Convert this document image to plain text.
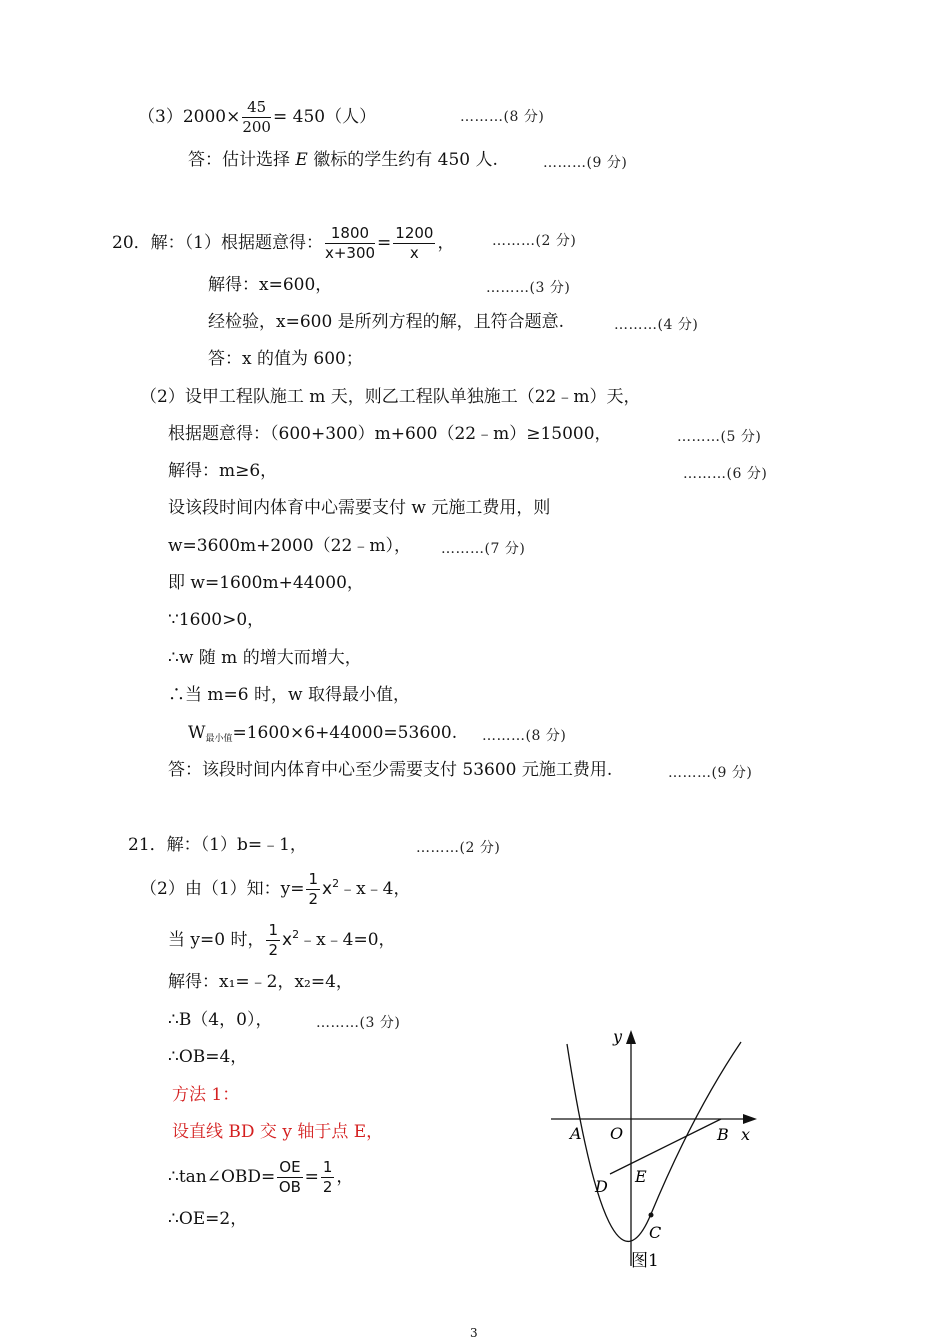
$(3)2000\times \frac{45}{200} = 450$（人）	………(8 分)
答：估计选择 E 徽标的学生约有 450 人.	………(9 分)
20．解：（1）根据题意得： $\frac{1800}{x+300} = \frac{1200}{x}$ ，	………(2 分)
解得：x=600，	………(3 分)
经检验，x=600 是所列方程的解，且符合题意.	………(4 分)
答：x 的值为 600；
（2）设甲工程队施工 m 天，则乙工程队单独施工（22﹣m）天，
根据题意得：（600+300）m+600（22﹣m）≥15000，	………(5 分)
解得：m≥6，	………(6 分)
设该段时间内体育中心需要支付 w 元施工费用，则
w=3600m+2000（22﹣m）， ………(7 分)
即 w=1600m+44000，
∵1600>0，
∴w 随 m 的增大而增大，
∴当 m=6 时，w 取得最小值，
$W_{最小值}=1600\times 6+44000=53600$. ………(8 分)
答：该段时间内体育中心至少需要支付 53600 元施工费用.	………(9 分)
21．解：（1）b=﹣1，	………(2 分)
（2）由（1）知：$y= \frac{1}{2}$ $x^2﹣x﹣4$，
当 y=0 时， $\frac{1}{2}$ $x^2﹣x﹣4=0$，
解得：x₁=﹣2，x₂=4，
∴B（4，0），	………(3 分)
∴OB=4，
方法 1：
设直线 BD 交 y 轴于点 E，
∴tan∠OBD= $\frac{OE}{OB} = \frac{1}{2}$ ，
∴OE=2，
y
x
A O	B
D
E
C
图1
3
